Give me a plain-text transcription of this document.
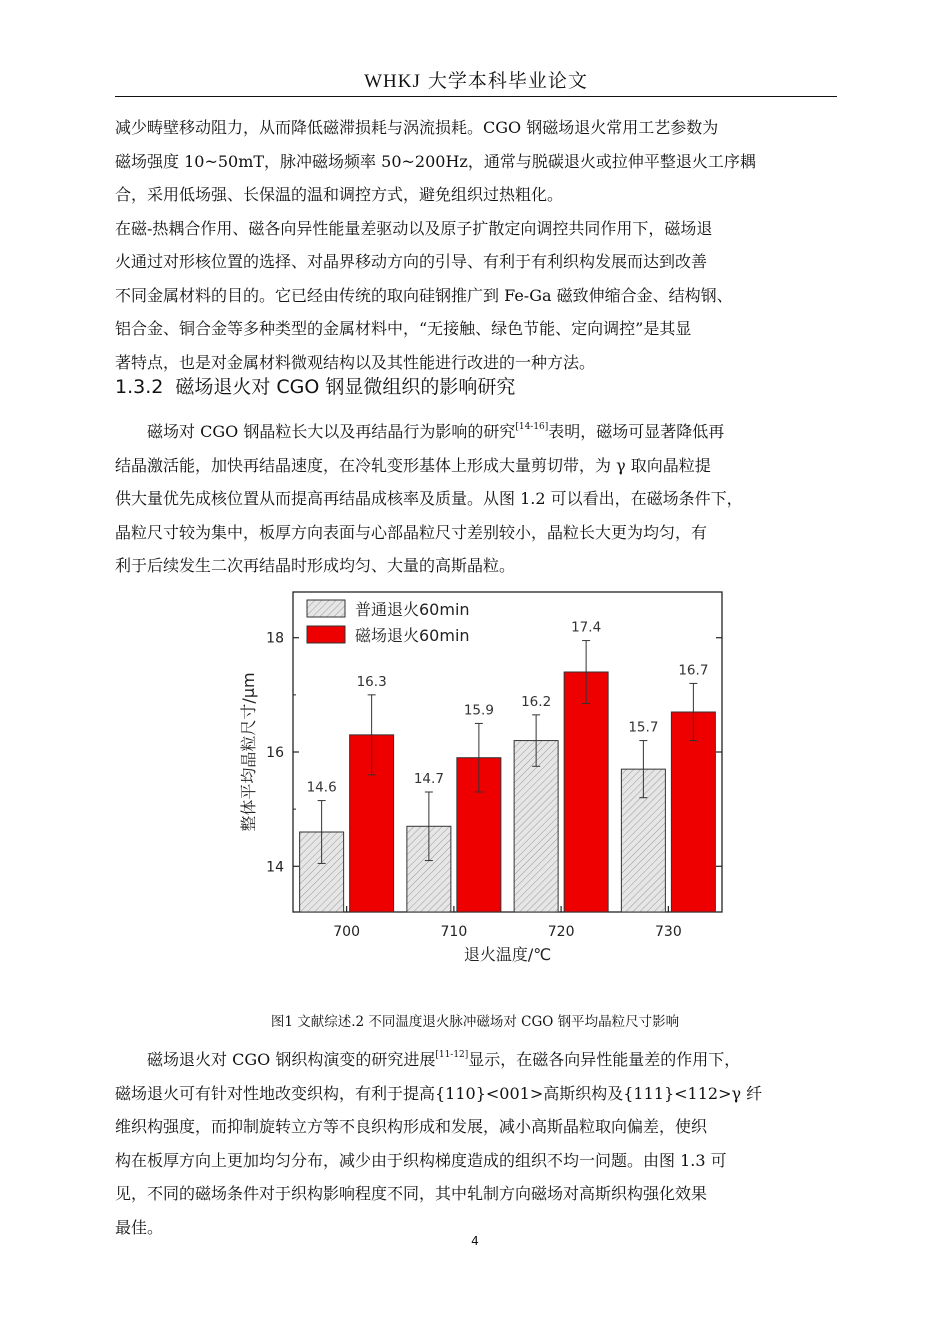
WHKJ 大学本科毕业论文
减少畴壁移动阻力，从而降低磁滞损耗与涡流损耗。CGO 钢磁场退火常用工艺参数为
磁场强度 10~50mT，脉冲磁场频率 50~200Hz，通常与脱碳退火或拉伸平整退火工序耦
合，采用低场强、长保温的温和调控方式，避免组织过热粗化。
在磁-热耦合作用、磁各向异性能量差驱动以及原子扩散定向调控共同作用下，磁场退
火通过对形核位置的选择、对晶界移动方向的引导、有利于有利织构发展而达到改善
不同金属材料的目的。它已经由传统的取向硅钢推广到 Fe-Ga 磁致伸缩合金、结构钢、
铝合金、铜合金等多种类型的金属材料中，“无接触、绿色节能、定向调控”是其显
著特点，也是对金属材料微观结构以及其性能进行改进的一种方法。
1.3.2 磁场退火对 CGO 钢显微组织的影响研究
磁场对 CGO 钢晶粒长大以及再结晶行为影响的研究[14-16]表明，磁场可显著降低再
结晶激活能，加快再结晶速度，在冷轧变形基体上形成大量剪切带，为 γ 取向晶粒提
供大量优先成核位置从而提高再结晶成核率及质量。从图 1.2 可以看出，在磁场条件下，
晶粒尺寸较为集中，板厚方向表面与心部晶粒尺寸差别较小，晶粒长大更为均匀，有
利于后续发生二次再结晶时形成均匀、大量的高斯晶粒。
14
16
18
700
14.6
16.3
710
14.7
15.9
720
16.2
17.4
730
15.7
16.7
退火温度/℃
整体平均晶粒尺寸/μm
普通退火60min
磁场退火60min
图1 文献综述.2 不同温度退火脉冲磁场对 CGO 钢平均晶粒尺寸影响
磁场退火对 CGO 钢织构演变的研究进展[11-12]显示，在磁各向异性能量差的作用下，
磁场退火可有针对性地改变织构，有利于提高{110}<001>高斯织构及{111}<112>γ 纤
维织构强度，而抑制旋转立方等不良织构形成和发展，减小高斯晶粒取向偏差，使织
构在板厚方向上更加均匀分布，减少由于织构梯度造成的组织不均一问题。由图 1.3 可
见，不同的磁场条件对于织构影响程度不同，其中轧制方向磁场对高斯织构强化效果
最佳。
4
